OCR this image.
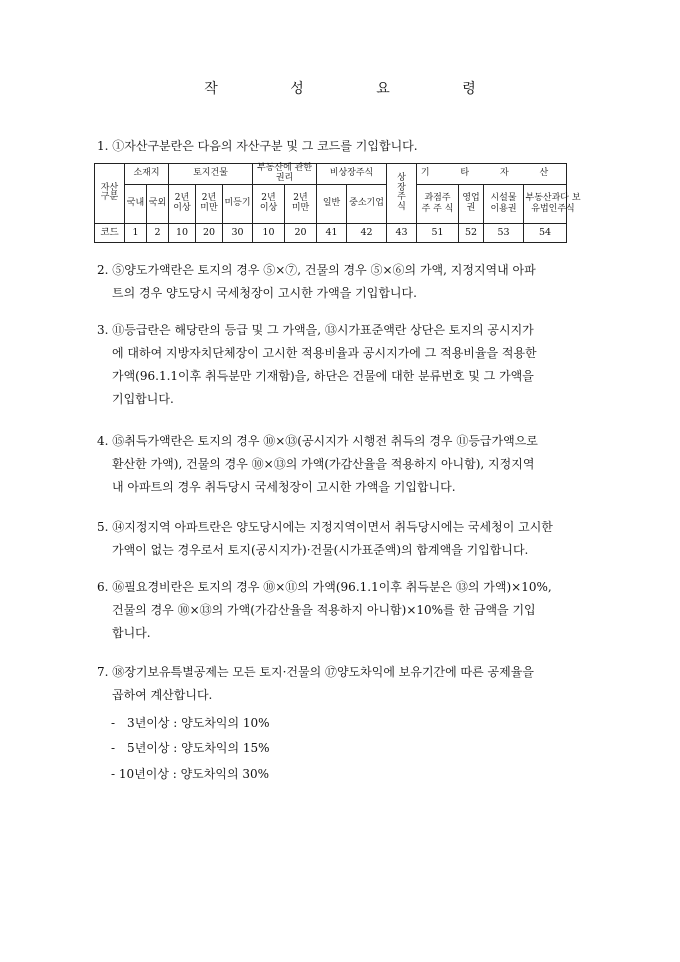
작 성 요 령
1. ①자산구분란은 다음의 자산구분 및 그 코드를 기입합니다.
자산구분	소재지		토지건물			부동산에 관한 권리		비상장주식		상장주식	기 타 자 산			
	국내	국외	2년 이상	2년 미만	미등기	2년 이상	2년 미만	일반	중소기업		과점주주 주 식	영업권	시설물 이용권	부동산과다 보유법인주식
코드	1	2	10	20	30	10	20	41	42	43	51	52	53	54
2. ⑤양도가액란은 토지의 경우 ⑤×⑦, 건물의 경우 ⑤×⑥의 가액, 지정지역내 아파
트의 경우 양도당시 국세청장이 고시한 가액을 기입합니다.
3. ⑪등급란은 해당란의 등급 및 그 가액을, ⑬시가표준액란 상단은 토지의 공시지가
에 대하여 지방자치단체장이 고시한 적용비율과 공시지가에 그 적용비율을 적용한
가액(96.1.1이후 취득분만 기재함)을, 하단은 건물에 대한 분류번호 및 그 가액을
기입합니다.
4. ⑮취득가액란은 토지의 경우 ⑩×⑬(공시지가 시행전 취득의 경우 ⑪등급가액으로
환산한 가액), 건물의 경우 ⑩×⑬의 가액(가감산율을 적용하지 아니함), 지정지역
내 아파트의 경우 취득당시 국세청장이 고시한 가액을 기입합니다.
5. ⑭지정지역 아파트란은 양도당시에는 지정지역이면서 취득당시에는 국세청이 고시한
가액이 없는 경우로서 토지(공시지가)·건물(시가표준액)의 합계액을 기입합니다.
6. ⑯필요경비란은 토지의 경우 ⑩×⑪의 가액(96.1.1이후 취득분은 ⑬의 가액)×10%,
건물의 경우 ⑩×⑬의 가액(가감산율을 적용하지 아니함)×10%를 한 금액을 기입
합니다.
7. ⑱장기보유특별공제는 모든 토지·건물의 ⑰양도차익에 보유기간에 따른 공제율을
곱하여 계산합니다.
-　3년이상 : 양도차익의 10%
-　5년이상 : 양도차익의 15%
- 10년이상 : 양도차익의 30%
